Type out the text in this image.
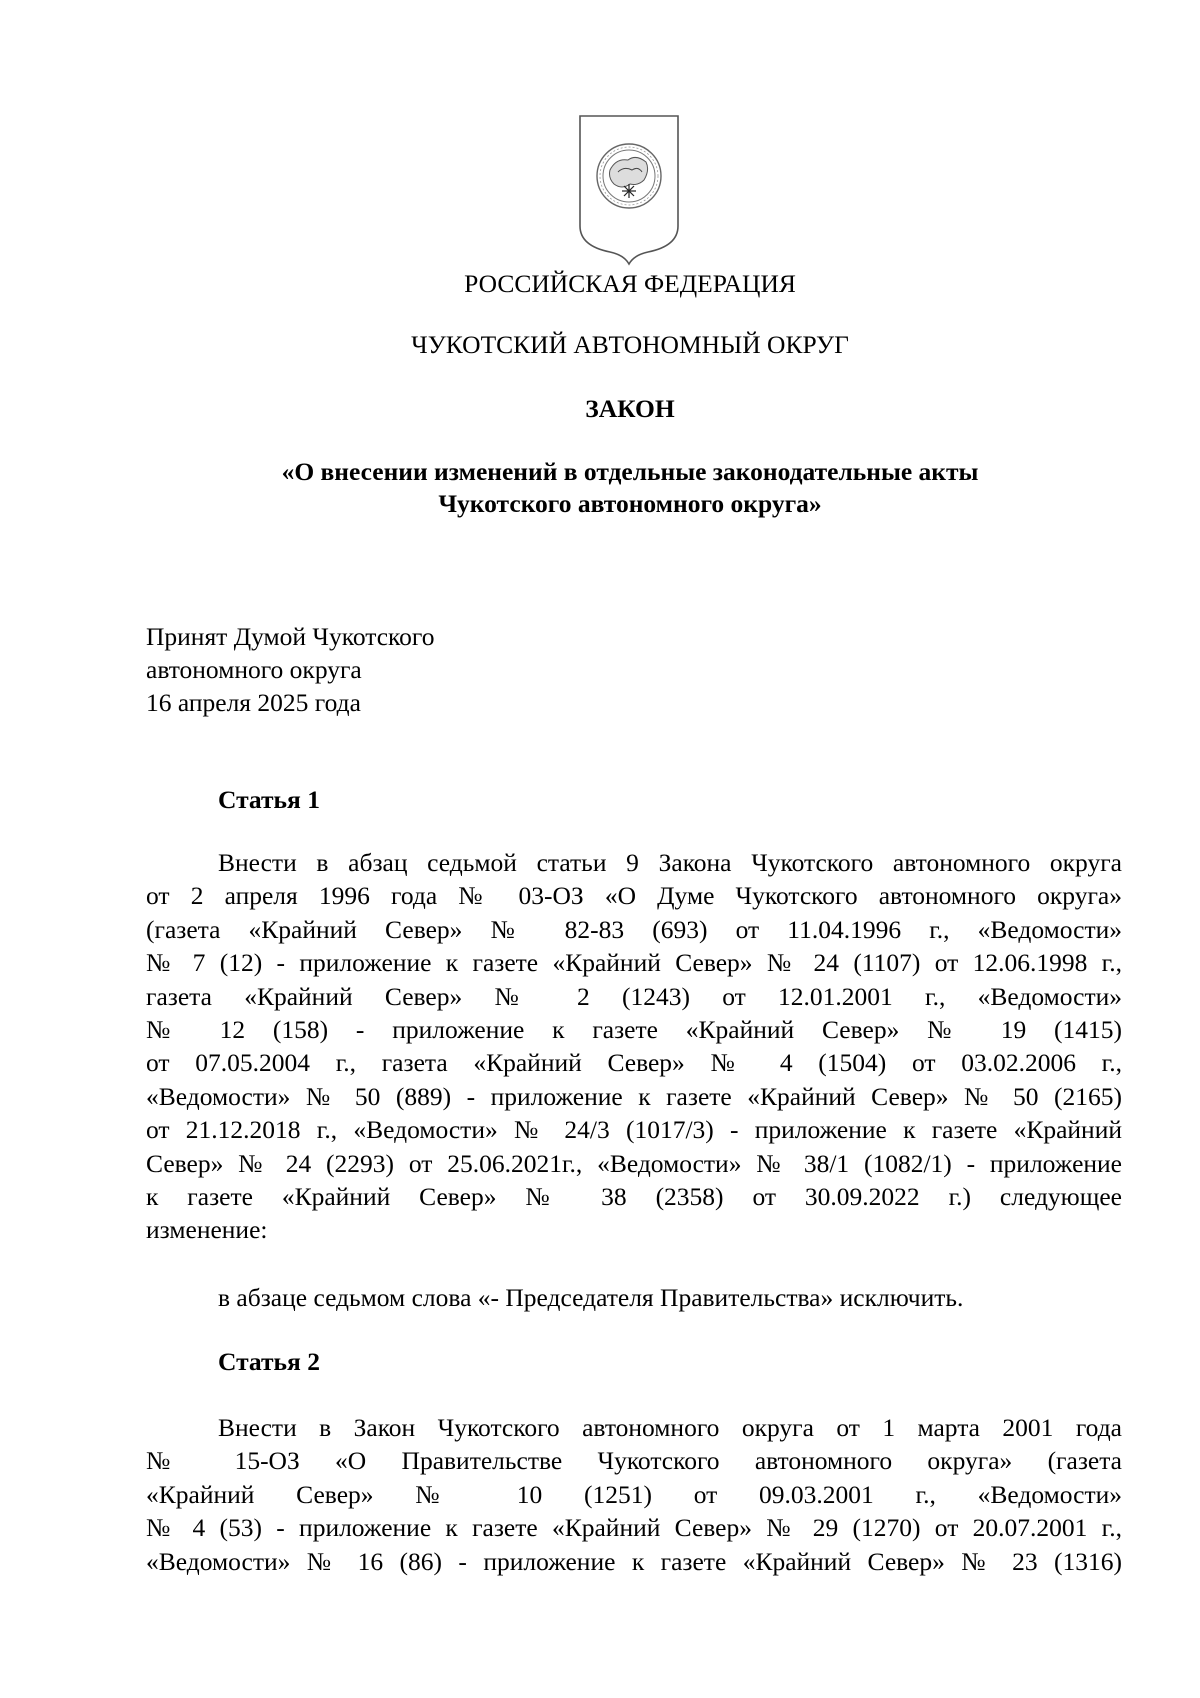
РОССИЙСКАЯ ФЕДЕРАЦИЯ
ЧУКОТСКИЙ АВТОНОМНЫЙ ОКРУГ
ЗАКОН
«О внесении изменений в отдельные законодательные акты
Чукотского автономного округа»
Принят Думой Чукотского
автономного округа
16 апреля 2025 года
Статья 1
Внести в абзац седьмой статьи 9 Закона Чукотского автономного округа
от 2 апреля 1996 года № 03-ОЗ «О Думе Чукотского автономного округа»
(газета «Крайний Север» № 82-83 (693) от 11.04.1996 г., «Ведомости»
№ 7 (12) - приложение к газете «Крайний Север» № 24 (1107) от 12.06.1998 г.,
газета «Крайний Север» № 2 (1243) от 12.01.2001 г., «Ведомости»
№ 12 (158) - приложение к газете «Крайний Север» № 19 (1415)
от 07.05.2004 г., газета «Крайний Север» № 4 (1504) от 03.02.2006 г.,
«Ведомости» № 50 (889) - приложение к газете «Крайний Север» № 50 (2165)
от 21.12.2018 г., «Ведомости» № 24/3 (1017/3) - приложение к газете «Крайний
Север» № 24 (2293) от 25.06.2021г., «Ведомости» № 38/1 (1082/1) - приложение
к газете «Крайний Север» № 38 (2358) от 30.09.2022 г.) следующее
изменение:
в абзаце седьмом слова «- Председателя Правительства» исключить.
Статья 2
Внести в Закон Чукотского автономного округа от 1 марта 2001 года
№ 15-ОЗ «О Правительстве Чукотского автономного округа» (газета
«Крайний Север» № 10 (1251) от 09.03.2001 г., «Ведомости»
№ 4 (53) - приложение к газете «Крайний Север» № 29 (1270) от 20.07.2001 г.,
«Ведомости» № 16 (86) - приложение к газете «Крайний Север» № 23 (1316)
